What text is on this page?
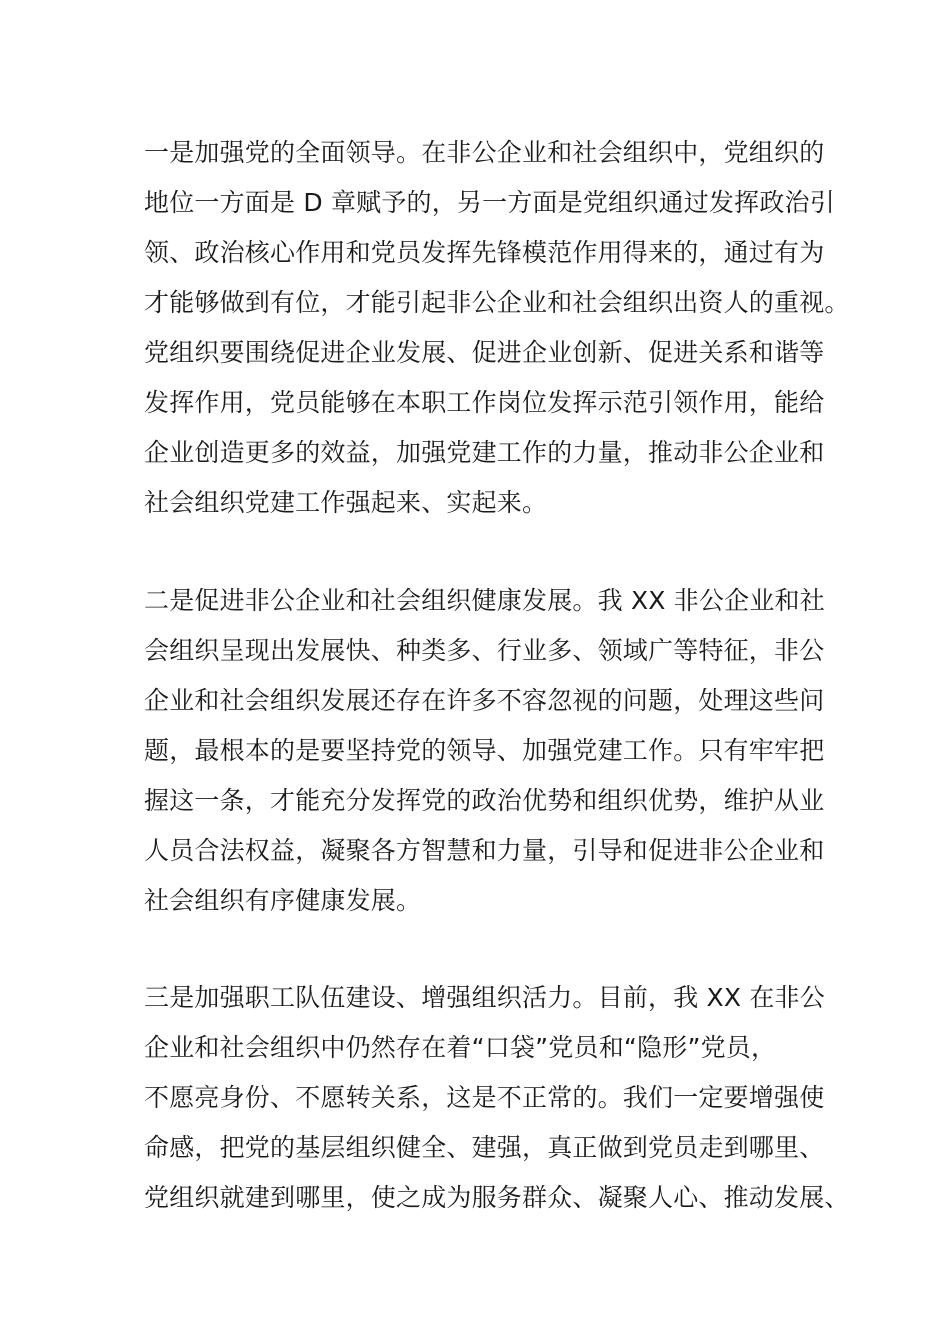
一是加强党的全面领导。在非公企业和社会组织中，党组织的
地位一方面是 D 章赋予的，另一方面是党组织通过发挥政治引
领、政治核心作用和党员发挥先锋模范作用得来的，通过有为
才能够做到有位，才能引起非公企业和社会组织出资人的重视。
党组织要围绕促进企业发展、促进企业创新、促进关系和谐等
发挥作用，党员能够在本职工作岗位发挥示范引领作用，能给
企业创造更多的效益，加强党建工作的力量，推动非公企业和
社会组织党建工作强起来、实起来。
二是促进非公企业和社会组织健康发展。我 XX 非公企业和社
会组织呈现出发展快、种类多、行业多、领域广等特征，非公
企业和社会组织发展还存在许多不容忽视的问题，处理这些问
题，最根本的是要坚持党的领导、加强党建工作。只有牢牢把
握这一条，才能充分发挥党的政治优势和组织优势，维护从业
人员合法权益，凝聚各方智慧和力量，引导和促进非公企业和
社会组织有序健康发展。
三是加强职工队伍建设、增强组织活力。目前，我 XX 在非公
企业和社会组织中仍然存在着“口袋”党员和“隐形”党员，
不愿亮身份、不愿转关系，这是不正常的。我们一定要增强使
命感，把党的基层组织健全、建强，真正做到党员走到哪里、
党组织就建到哪里，使之成为服务群众、凝聚人心、推动发展、
